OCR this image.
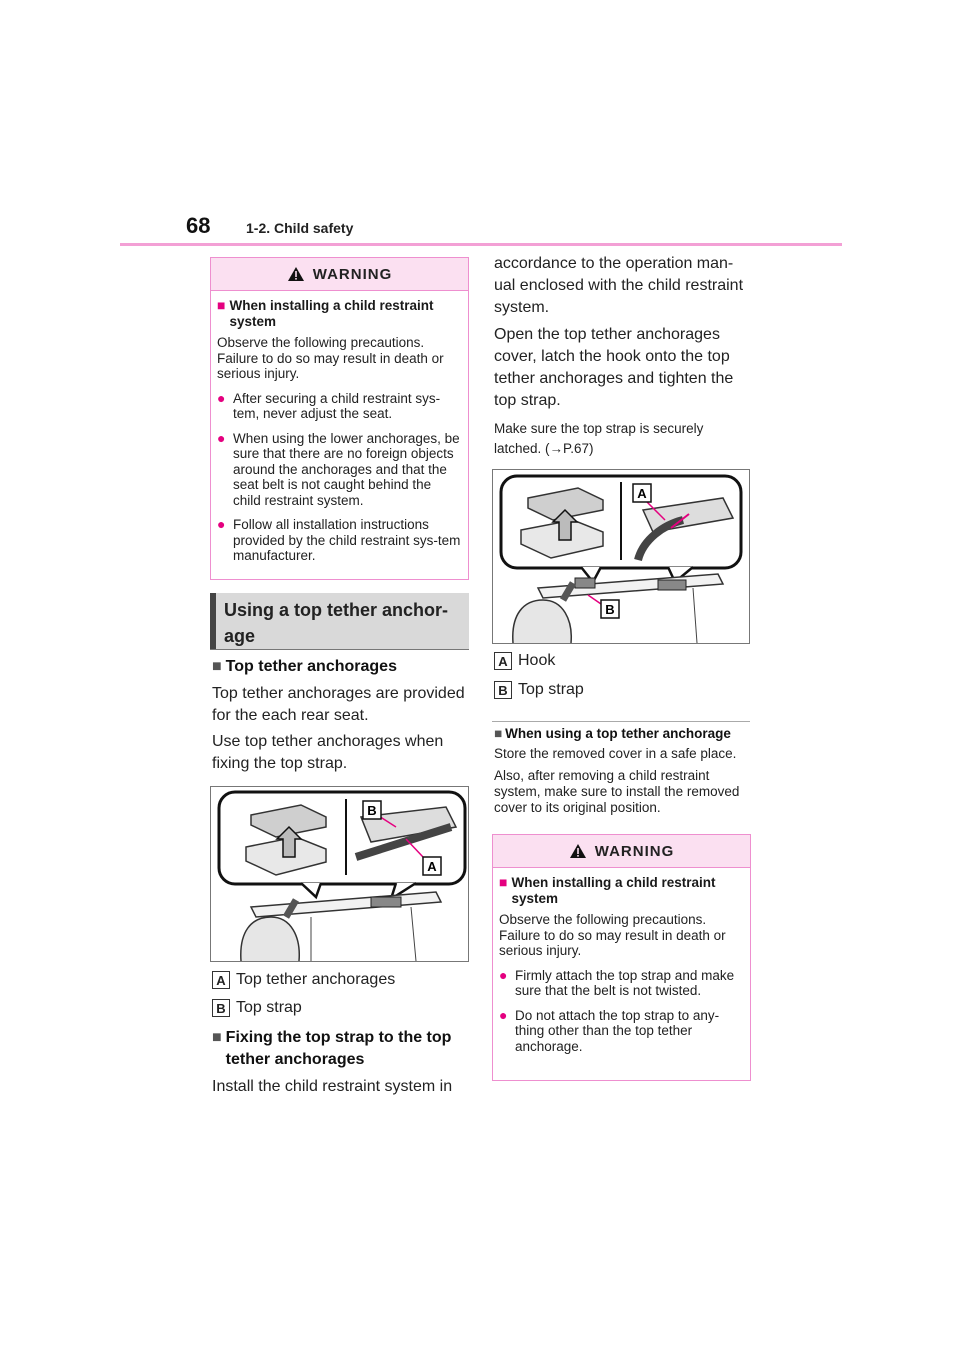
68	1-2. Child safety
WARNING
■ When installing a child restraint system
Observe the following precautions. Failure to do so may result in death or serious injury.
● After securing a child restraint sys-tem, never adjust the seat.
● When using the lower anchorages, be sure that there are no foreign objects around the anchorages and that the seat belt is not caught behind the child restraint system.
● Follow all installation instructions provided by the child restraint sys-tem manufacturer.
Using a top tether anchor-
age
■ Top tether anchorages
Top tether anchorages are provided for the each rear seat.
Use top tether anchorages when fixing the top strap.
B
A
A Top tether anchorages
B Top strap
■ Fixing the top strap to the top
tether anchorages
Install the child restraint system in
accordance to the operation man-
ual enclosed with the child restraint
system.
Open the top tether anchorages
cover, latch the hook onto the top
tether anchorages and tighten the
top strap.
Make sure the top strap is securely
latched. (→P.67)
A
B
A Hook
B Top strap
■ When using a top tether anchorage
Store the removed cover in a safe place.
Also, after removing a child restraint system, make sure to install the removed cover to its original position.
WARNING
■ When installing a child restraint system
Observe the following precautions. Failure to do so may result in death or serious injury.
● Firmly attach the top strap and make sure that the belt is not twisted.
● Do not attach the top strap to any-thing other than the top tether anchorage.
